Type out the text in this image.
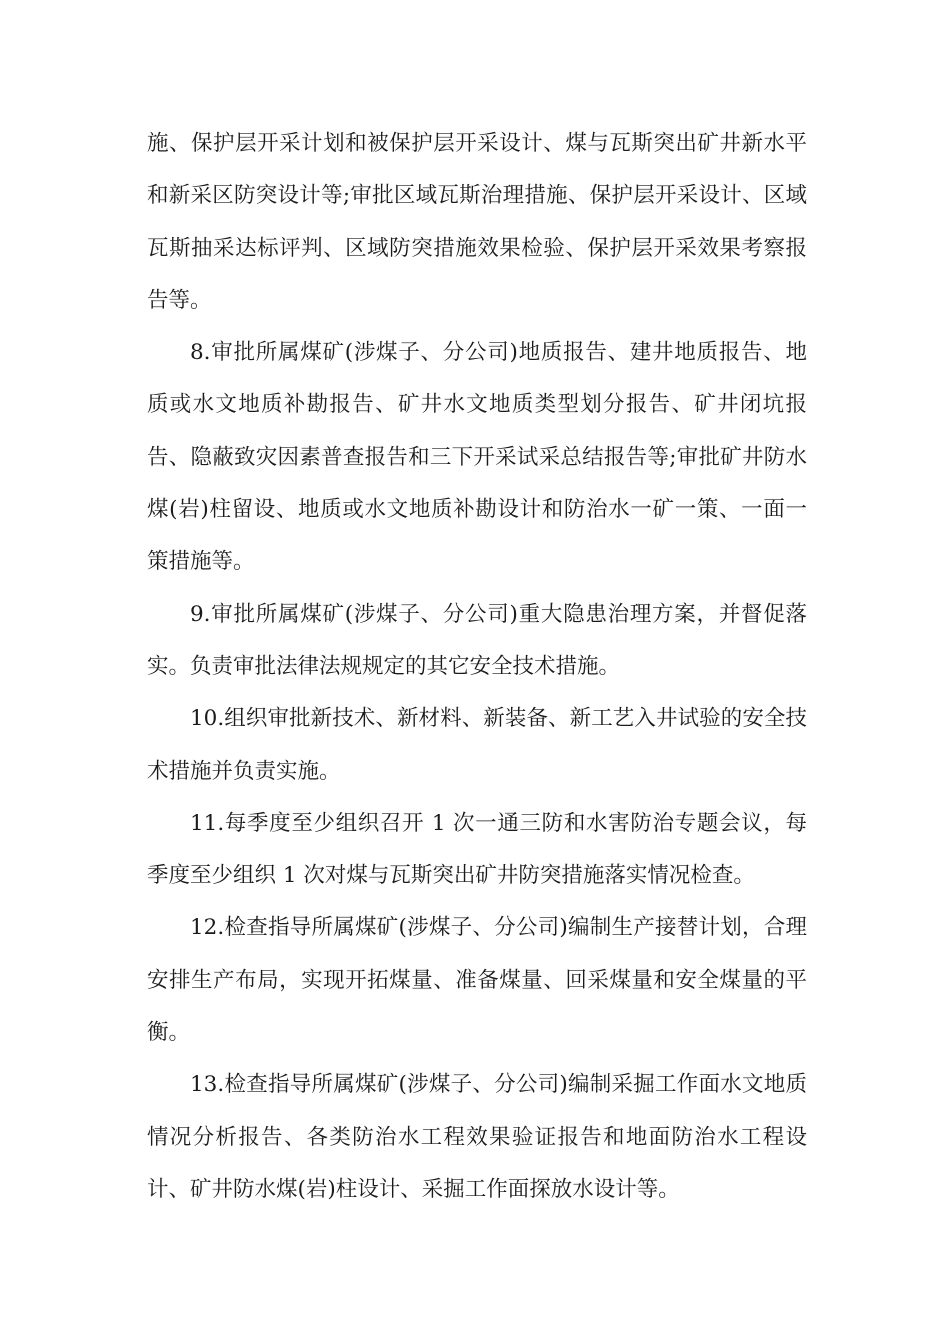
施、保护层开采计划和被保护层开采设计、煤与瓦斯突出矿井新水平和新采区防突设计等;审批区域瓦斯治理措施、保护层开采设计、区域瓦斯抽采达标评判、区域防突措施效果检验、保护层开采效果考察报告等。

8.审批所属煤矿(涉煤子、分公司)地质报告、建井地质报告、地质或水文地质补勘报告、矿井水文地质类型划分报告、矿井闭坑报告、隐蔽致灾因素普查报告和三下开采试采总结报告等;审批矿井防水煤(岩)柱留设、地质或水文地质补勘设计和防治水一矿一策、一面一策措施等。

9.审批所属煤矿(涉煤子、分公司)重大隐患治理方案，并督促落实。负责审批法律法规规定的其它安全技术措施。

10.组织审批新技术、新材料、新装备、新工艺入井试验的安全技术措施并负责实施。

11.每季度至少组织召开 1 次一通三防和水害防治专题会议，每季度至少组织 1 次对煤与瓦斯突出矿井防突措施落实情况检查。

12.检查指导所属煤矿(涉煤子、分公司)编制生产接替计划，合理安排生产布局，实现开拓煤量、准备煤量、回采煤量和安全煤量的平衡。

13.检查指导所属煤矿(涉煤子、分公司)编制采掘工作面水文地质情况分析报告、各类防治水工程效果验证报告和地面防治水工程设计、矿井防水煤(岩)柱设计、采掘工作面探放水设计等。
